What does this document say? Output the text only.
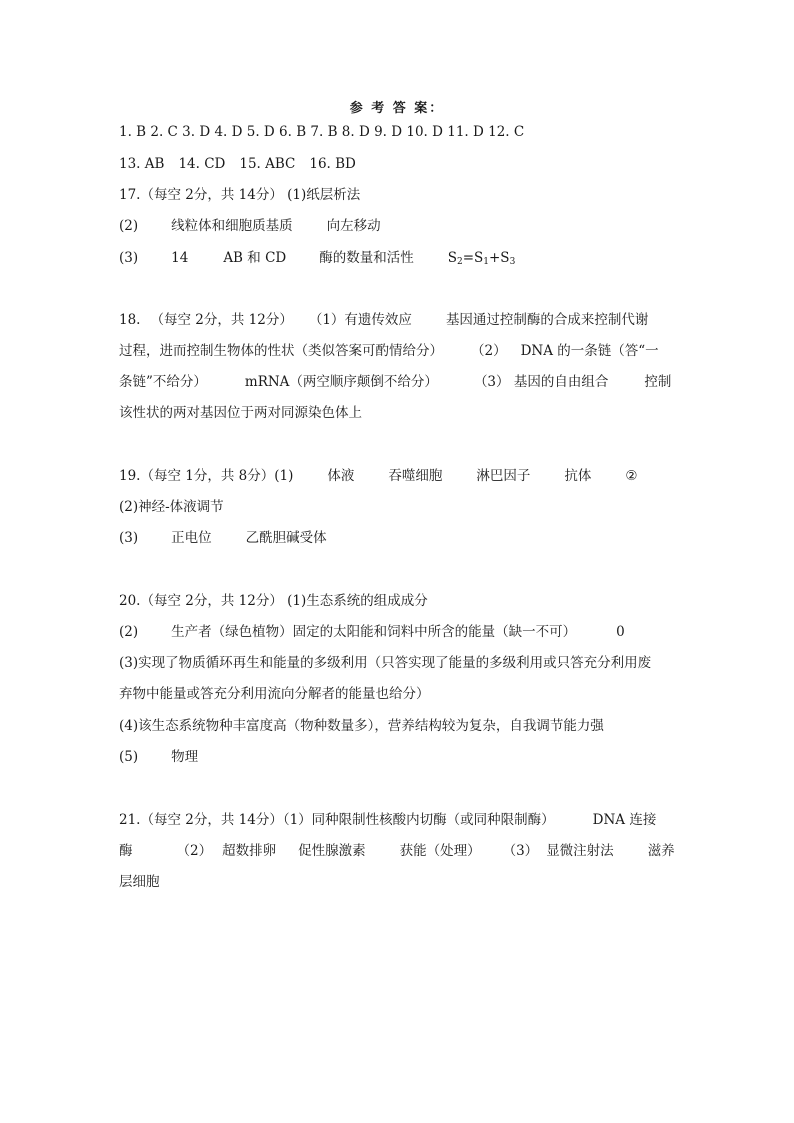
参 考 答 案：
1. B 2. C 3. D 4. D 5. D 6. B 7. B 8. D 9. D 10. D 11. D 12. C
13. AB 14. CD 15. ABC 16. BD
17.（每空 2分，共 14分） (1)纸层析法
(2) 线粒体和细胞质基质	向左移动
(3) 14	AB 和 CD 酶的数量和活性	$S_2=S_1+S_3$
18. （每空 2分，共 12分） （1）有遗传效应	基因通过控制酶的合成来控制代谢
过程，进而控制生物体的性状（类似答案可酌情给分） （2） DNA 的一条链（答“一
条链”不给分）	mRNA（两空顺序颠倒不给分）	（3） 基因的自由组合	控制
该性状的两对基因位于两对同源染色体上
19.（每空 1分，共 8分）(1)	体液	吞噬细胞	淋巴因子	抗体	②
(2)神经-体液调节
(3) 正电位	乙酰胆碱受体
20.（每空 2分，共 12分） (1)生态系统的组成成分
(2) 生产者（绿色植物）固定的太阳能和饲料中所含的能量（缺一不可）	0
(3)实现了物质循环再生和能量的多级利用（只答实现了能量的多级利用或只答充分利用废
弃物中能量或答充分利用流向分解者的能量也给分）
(4)该生态系统物种丰富度高（物种数量多），营养结构较为复杂，自我调节能力强
(5) 物理
21.（每空 2分，共 14分）（1）同种限制性核酸内切酶（或同种限制酶）	DNA 连接
酶	（2） 超数排卵 促性腺激素	获能（处理） （3） 显微注射法	滋养
层细胞
